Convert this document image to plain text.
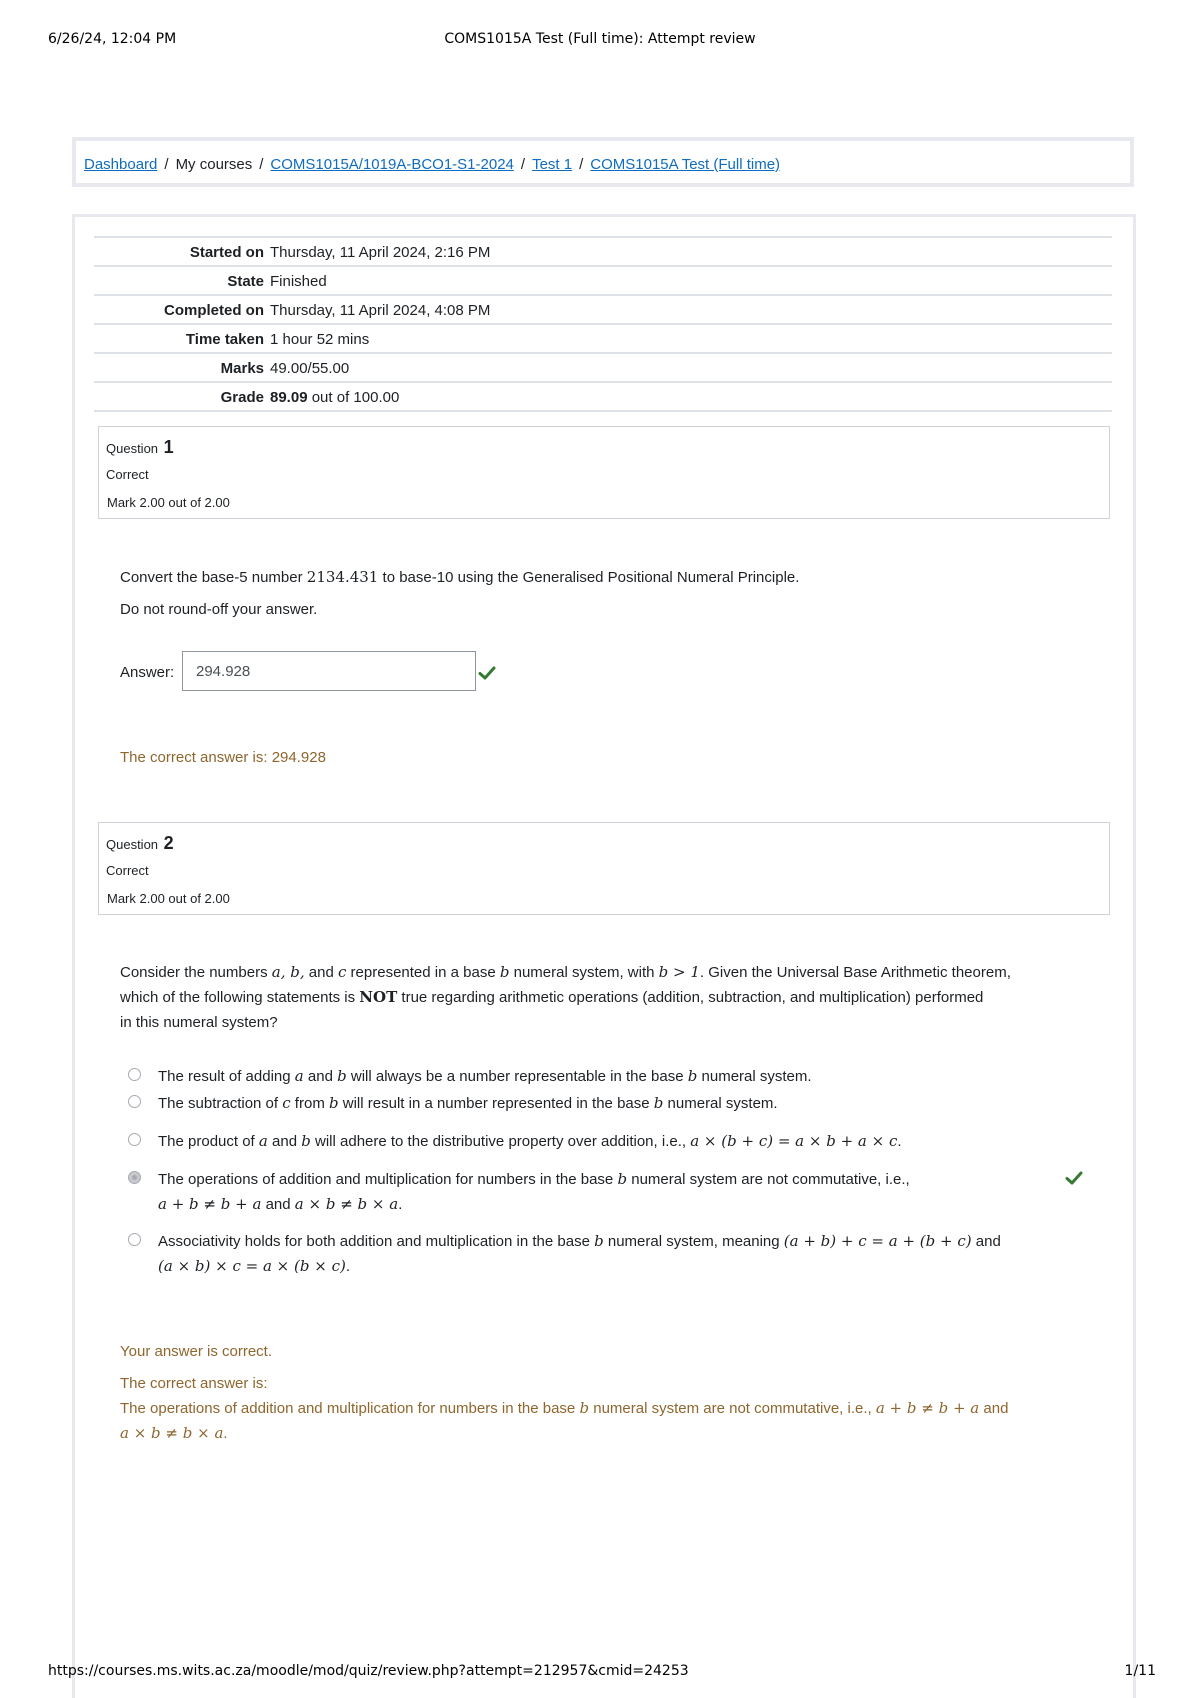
6/26/24, 12:04 PM	COMS1015A Test (Full time): Attempt review
Dashboard / My courses / COMS1015A/1019A-BCO1-S1-2024 / Test 1 / COMS1015A Test (Full time)
Started on Thursday, 11 April 2024, 2:16 PM
State Finished
Completed on Thursday, 11 April 2024, 4:08 PM
Time taken 1 hour 52 mins
Marks 49.00/55.00
Grade 89.09 out of 100.00
Question 1
Correct
Mark 2.00 out of 2.00
Convert the base-5 number 2134.431 to base-10 using the Generalised Positional Numeral Principle.
Do not round-off your answer.
Answer:
294.928
The correct answer is: 294.928
Question 2
Correct
Mark 2.00 out of 2.00
Consider the numbers a, b, and c represented in a base b numeral system, with b > 1. Given the Universal Base Arithmetic theorem,
which of the following statements is NOT true regarding arithmetic operations (addition, subtraction, and multiplication) performed
in this numeral system?
The result of adding a and b will always be a number representable in the base b numeral system.
The subtraction of c from b will result in a number represented in the base b numeral system.
The product of a and b will adhere to the distributive property over addition, i.e., a × (b + c) = a × b + a × c.
The operations of addition and multiplication for numbers in the base b numeral system are not commutative, i.e.,
a + b ≠ b + a and a × b ≠ b × a.
Associativity holds for both addition and multiplication in the base b numeral system, meaning (a + b) + c = a + (b + c) and
(a × b) × c = a × (b × c).
Your answer is correct.
The correct answer is:
The operations of addition and multiplication for numbers in the base b numeral system are not commutative, i.e., a + b ≠ b + a and
a × b ≠ b × a.
https://courses.ms.wits.ac.za/moodle/mod/quiz/review.php?attempt=212957&cmid=24253	1/11
